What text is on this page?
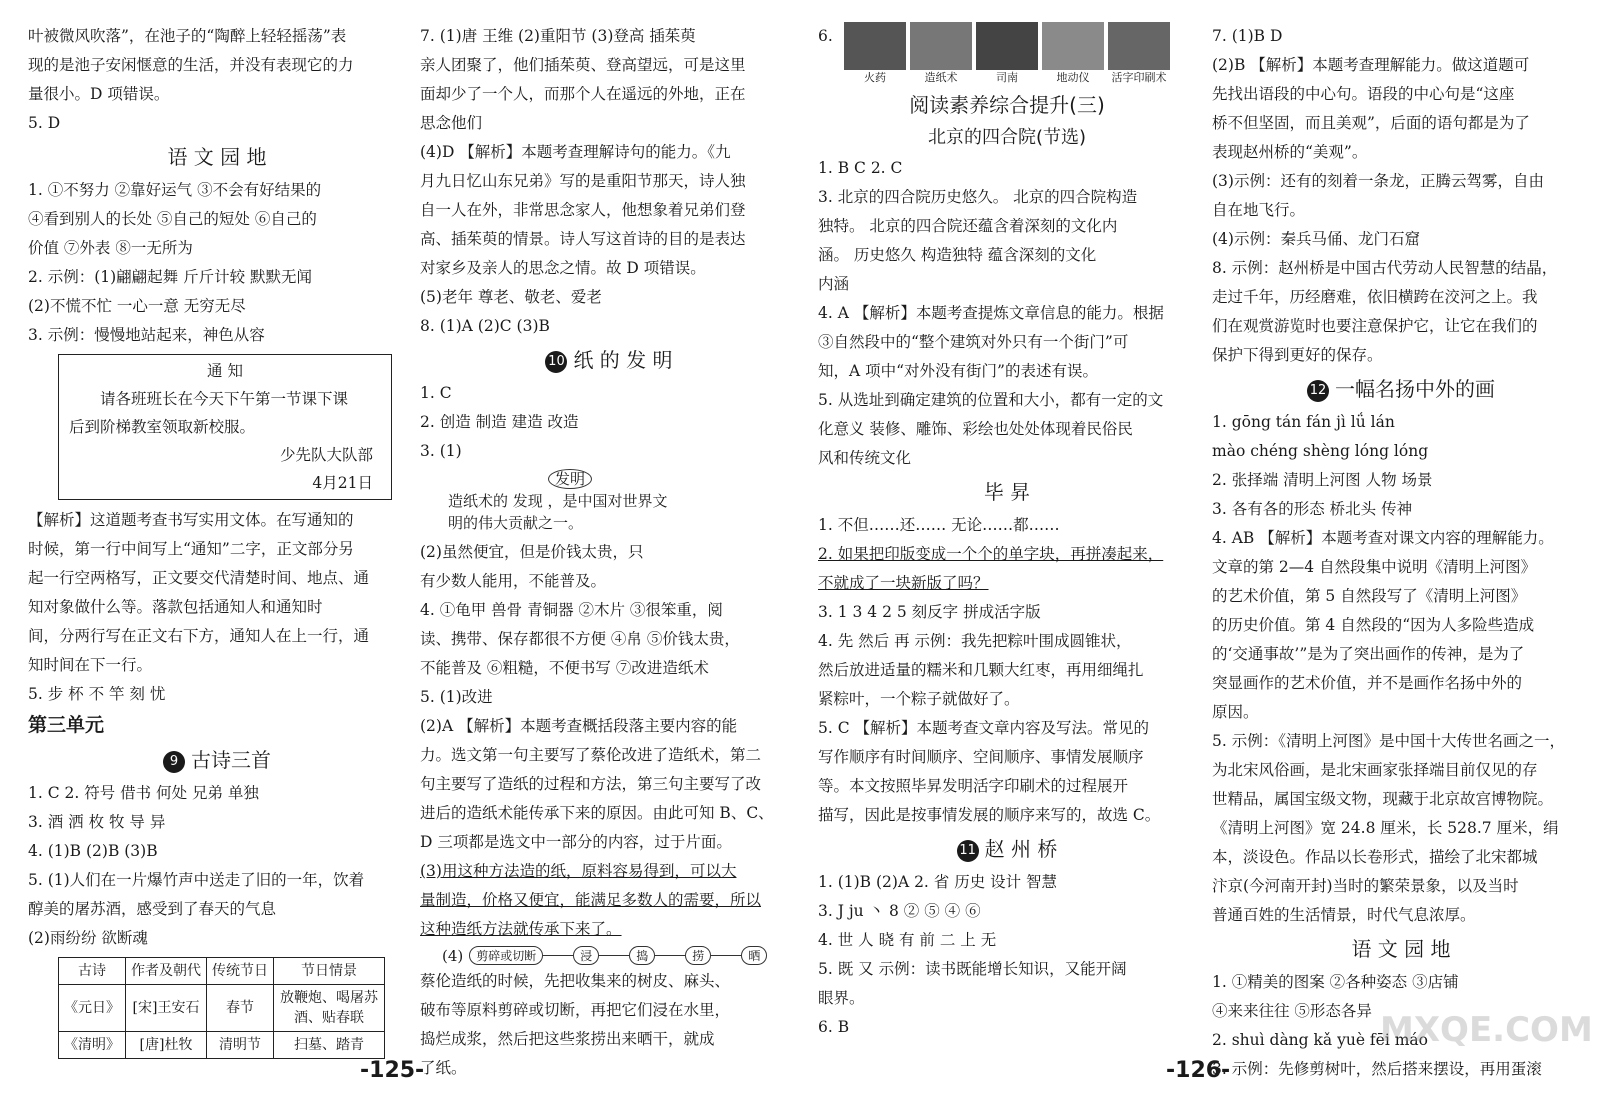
叶被微风吹落”，在池子的“陶醉上轻轻摇荡”表
现的是池子安闲惬意的生活，并没有表现它的力
量很小。D 项错误。
5. D
语 文 园 地
1. ①不努力 ②靠好运气 ③不会有好结果的
④看到别人的长处 ⑤自己的短处 ⑥自己的
价值 ⑦外表 ⑧一无所为
2. 示例：(1)翩翩起舞 斤斤计较 默默无闻
(2)不慌不忙 一心一意 无穷无尽
3. 示例：慢慢地站起来，神色从容
通 知
请各班班长在今天下午第一节课下课
后到阶梯教室领取新校服。
少先队大队部
4月21日
【解析】这道题考查书写实用文体。在写通知的
时候，第一行中间写上“通知”二字，正文部分另
起一行空两格写，正文要交代清楚时间、地点、通
知对象做什么等。落款包括通知人和通知时
间，分两行写在正文右下方，通知人在上一行，通
知时间在下一行。
5. 步 杯 不 竿 刻 忧
第三单元
9 古诗三首
1. C 2. 符号 借书 何处 兄弟 单独
3. 酒 洒 枚 牧 导 异
4. (1)B (2)B (3)B
5. (1)人们在一片爆竹声中送走了旧的一年，饮着
醇美的屠苏酒，感受到了春天的气息
(2)雨纷纷 欲断魂
古诗	作者及朝代	传统节日	节日情景
《元日》	[宋]王安石	春节	放鞭炮、喝屠苏酒、贴春联
《清明》	[唐]杜牧	清明节	扫墓、踏青
7. (1)唐 王维 (2)重阳节 (3)登高 插茱萸
亲人团聚了，他们插茱萸、登高望远，可是这里
面却少了一个人，而那个人在遥远的外地，正在
思念他们
(4)D 【解析】本题考查理解诗句的能力。《九
月九日忆山东兄弟》写的是重阳节那天，诗人独
自一人在外，非常思念家人，他想象着兄弟们登
高、插茱萸的情景。诗人写这首诗的目的是表达
对家乡及亲人的思念之情。故 D 项错误。
(5)老年 尊老、敬老、爱老
8. (1)A (2)C (3)B
10 纸 的 发 明
1. C
2. 创造 制造 建造 改造
3. (1)
发明
造纸术的 发现 ，是中国对世界文
明的伟大贡献之一。
(2)虽然便宜，但是价钱太贵，只
有少数人能用，不能普及。
4. ①龟甲 兽骨 青铜器 ②木片 ③很笨重，阅
读、携带、保存都很不方便 ④帛 ⑤价钱太贵，
不能普及 ⑥粗糙，不便书写 ⑦改进造纸术
5. (1)改进
(2)A 【解析】本题考查概括段落主要内容的能
力。选文第一句主要写了蔡伦改进了造纸术，第二
句主要写了造纸的过程和方法，第三句主要写了改
进后的造纸术能传承下来的原因。由此可知 B、C、
D 三项都是选文中一部分的内容，过于片面。
(3)用这种方法造的纸，原料容易得到，可以大
量制造，价格又便宜，能满足多数人的需要，所以
这种造纸方法就传承下来了。
(4)	剪碎或切断	浸	捣	捞	晒
蔡伦造纸的时候，先把收集来的树皮、麻头、
破布等原料剪碎或切断，再把它们浸在水里，
捣烂成浆，然后把这些浆捞出来晒干，就成
了纸。
6.
火药	造纸术	司南	地动仪	活字印刷术
阅读素养综合提升(三)
北京的四合院(节选)
1. B C 2. C
3. 北京的四合院历史悠久。 北京的四合院构造
独特。 北京的四合院还蕴含着深刻的文化内
涵。 历史悠久 构造独特 蕴含深刻的文化
内涵
4. A 【解析】本题考查提炼文章信息的能力。根据
③自然段中的“整个建筑对外只有一个街门”可
知，A 项中“对外没有街门”的表述有误。
5. 从选址到确定建筑的位置和大小，都有一定的文
化意义 装修、雕饰、彩绘也处处体现着民俗民
风和传统文化
毕 昇
1. 不但……还…… 无论……都……
2. 如果把印版变成一个个的单字块，再拼凑起来，
不就成了一块新版了吗？
3. 1 3 4 2 5 刻反字 拼成活字版
4. 先 然后 再 示例：我先把粽叶围成圆锥状，
然后放进适量的糯米和几颗大红枣，再用细绳扎
紧粽叶，一个粽子就做好了。
5. C 【解析】本题考查文章内容及写法。常见的
写作顺序有时间顺序、空间顺序、事情发展顺序
等。本文按照毕昇发明活字印刷术的过程展开
描写，因此是按事情发展的顺序来写的，故选 C。
11 赵 州 桥
1. (1)B (2)A 2. 省 历史 设计 智慧
3. J ju 丶 8 ② ⑤ ④ ⑥
4. 世 人 晓 有 前 二 上 无
5. 既 又 示例：读书既能增长知识，又能开阔
眼界。
6. B
7. (1)B D
(2)B 【解析】本题考查理解能力。做这道题可
先找出语段的中心句。语段的中心句是“这座
桥不但坚固，而且美观”，后面的语句都是为了
表现赵州桥的“美观”。
(3)示例：还有的刻着一条龙，正腾云驾雾，自由
自在地飞行。
(4)示例：秦兵马俑、龙门石窟
8. 示例：赵州桥是中国古代劳动人民智慧的结晶，
走过千年，历经磨难，依旧横跨在洨河之上。我
们在观赏游览时也要注意保护它，让它在我们的
保护下得到更好的保存。
12 一幅名扬中外的画
1. gōng tán fán jì lǘ lán
mào chéng shèng lóng lóng
2. 张择端 清明上河图 人物 场景
3. 各有各的形态 桥北头 传神
4. AB 【解析】本题考查对课文内容的理解能力。
文章的第 2—4 自然段集中说明《清明上河图》
的艺术价值，第 5 自然段写了《清明上河图》
的历史价值。第 4 自然段的“因为人多险些造成
的‘交通事故’”是为了突出画作的传神，是为了
突显画作的艺术价值，并不是画作名扬中外的
原因。
5. 示例：《清明上河图》是中国十大传世名画之一，
为北宋风俗画，是北宋画家张择端目前仅见的存
世精品，属国宝级文物，现藏于北京故宫博物院。
《清明上河图》宽 24.8 厘米，长 528.7 厘米，绢
本，淡设色。作品以长卷形式，描绘了北宋都城
汴京(今河南开封)当时的繁荣景象，以及当时
普通百姓的生活情景，时代气息浓厚。
语 文 园 地
1. ①精美的图案 ②各种姿态 ③店铺
④来来往往 ⑤形态各异
2. shuì dàng kǎ yuè fēi máo
3. 示例：先修剪树叶，然后搭来摆设，再用蛋滚
-125-	-126-
MXQE.COM
